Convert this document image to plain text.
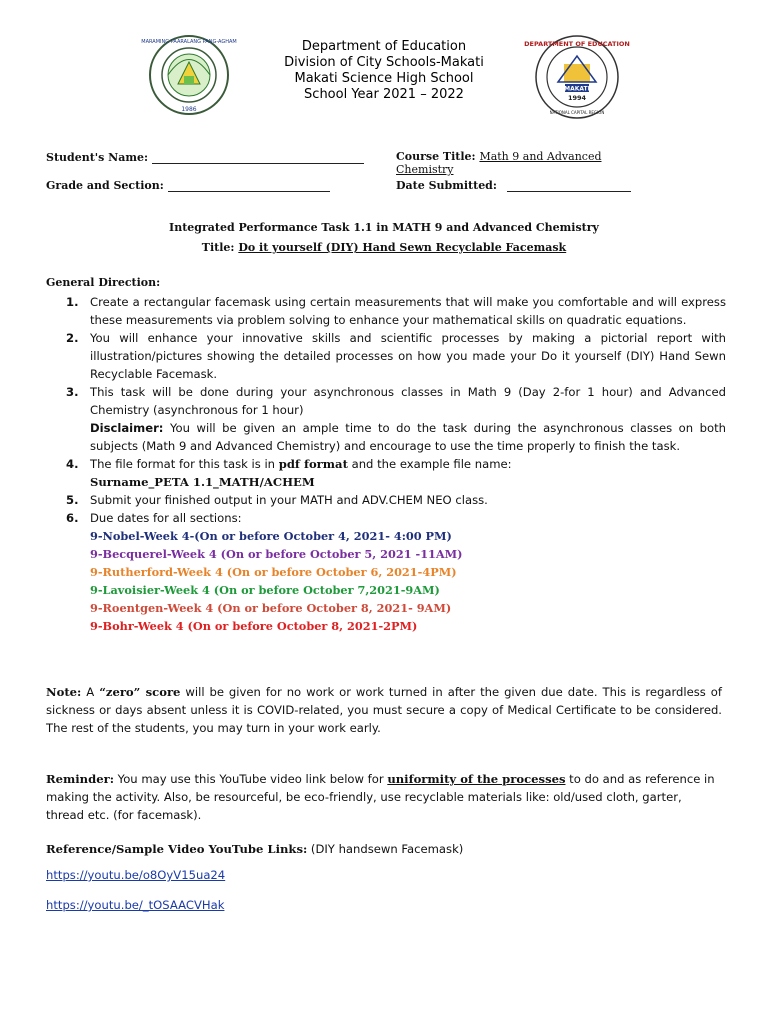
MARAMING PAARALANG PANG-AGHAM
1986
Department of Education
Division of City Schools-Makati
Makati Science High School
School Year 2021 – 2022
DEPARTMENT OF EDUCATION
MAKATI
1994
NATIONAL CAPITAL REGION
Student's Name:
Grade and Section:
Course Title: Math 9 and Advanced
Chemistry
Date Submitted:
Integrated Performance Task 1.1 in MATH 9 and Advanced Chemistry
Title: Do it yourself (DIY) Hand Sewn Recyclable Facemask
General Direction:
1. Create a rectangular facemask using certain measurements that will make you comfortable and will express these measurements via problem solving to enhance your mathematical skills on quadratic equations.
2. You will enhance your innovative skills and scientific processes by making a pictorial report with illustration/pictures showing the detailed processes on how you made your Do it yourself (DIY) Hand Sewn Recyclable Facemask.
3. This task will be done during your asynchronous classes in Math 9 (Day 2-for 1 hour) and Advanced Chemistry (asynchronous for 1 hour)
Disclaimer: You will be given an ample time to do the task during the asynchronous classes on both subjects (Math 9 and Advanced Chemistry) and encourage to use the time properly to finish the task.
4. The file format for this task is in pdf format and the example file name:
Surname_PETA 1.1_MATH/ACHEM
5. Submit your finished output in your MATH and ADV.CHEM NEO class.
6. Due dates for all sections:
9-Nobel-Week 4-(On or before October 4, 2021- 4:00 PM)
9-Becquerel-Week 4 (On or before October 5, 2021 -11AM)
9-Rutherford-Week 4 (On or before October 6, 2021-4PM)
9-Lavoisier-Week 4 (On or before October 7,2021-9AM)
9-Roentgen-Week 4 (On or before October 8, 2021- 9AM)
9-Bohr-Week 4 (On or before October 8, 2021-2PM)
Note: A “zero” score will be given for no work or work turned in after the given due date. This is regardless of sickness or days absent unless it is COVID-related, you must secure a copy of Medical Certificate to be considered. The rest of the students, you may turn in your work early.
Reminder: You may use this YouTube video link below for uniformity of the processes to do and as reference in making the activity. Also, be resourceful, be eco-friendly, use recyclable materials like: old/used cloth, garter, thread etc. (for facemask).
Reference/Sample Video YouTube Links: (DIY handsewn Facemask)
https://youtu.be/o8OyV15ua24
https://youtu.be/_tOSAACVHak
